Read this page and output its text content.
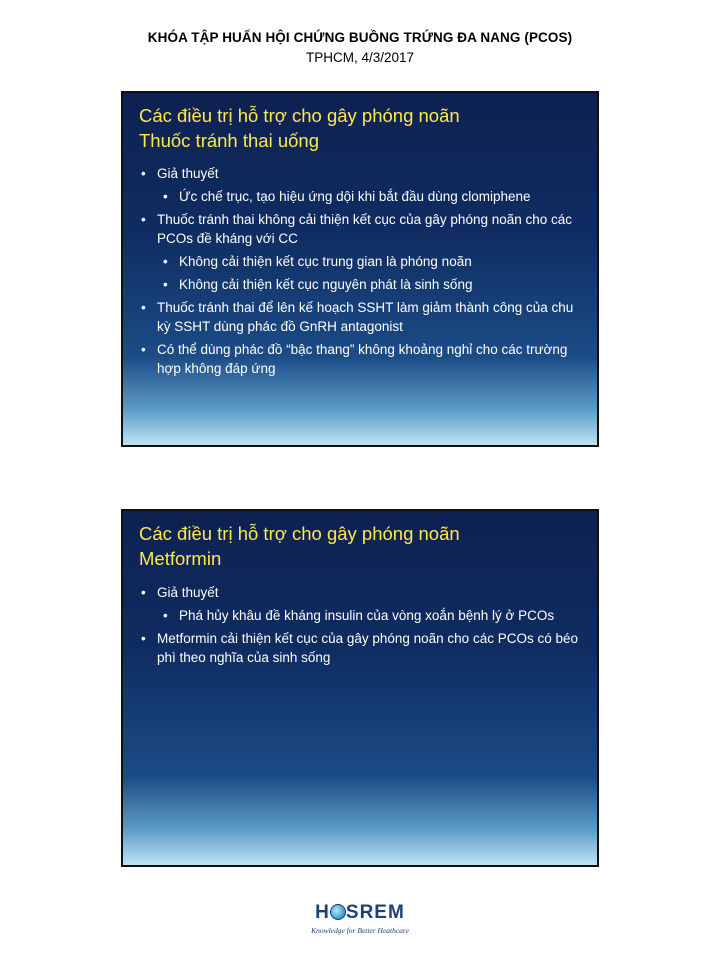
KHÓA TẬP HUẤN HỘI CHỨNG BUỒNG TRỨNG ĐA NANG (PCOS)
TPHCM, 4/3/2017
Các điều trị hỗ trợ cho gây phóng noãn
Thuốc tránh thai uống
• Giả thuyết
• Ức chế trục, tạo hiệu ứng dội khi bắt đầu dùng clomiphene
• Thuốc tránh thai không cải thiện kết cục của gây phóng noãn cho các PCOs đề kháng với CC
• Không cải thiện kết cục trung gian là phóng noãn
• Không cải thiện kết cục nguyên phát là sinh sống
• Thuốc tránh thai để lên kế hoạch SSHT làm giảm thành công của chu kỳ SSHT dùng phác đồ GnRH antagonist
• Có thể dùng phác đồ “bậc thang” không khoảng nghỉ cho các trường hợp không đáp ứng
Các điều trị hỗ trợ cho gây phóng noãn
Metformin
• Giả thuyết
• Phá hủy khâu đề kháng insulin của vòng xoắn bệnh lý ở PCOs
• Metformin cải thiện kết cục của gây phóng noãn cho các PCOs có béo phì theo nghĩa của sinh sống
H SREM
Knowledge for Better Heathcare
